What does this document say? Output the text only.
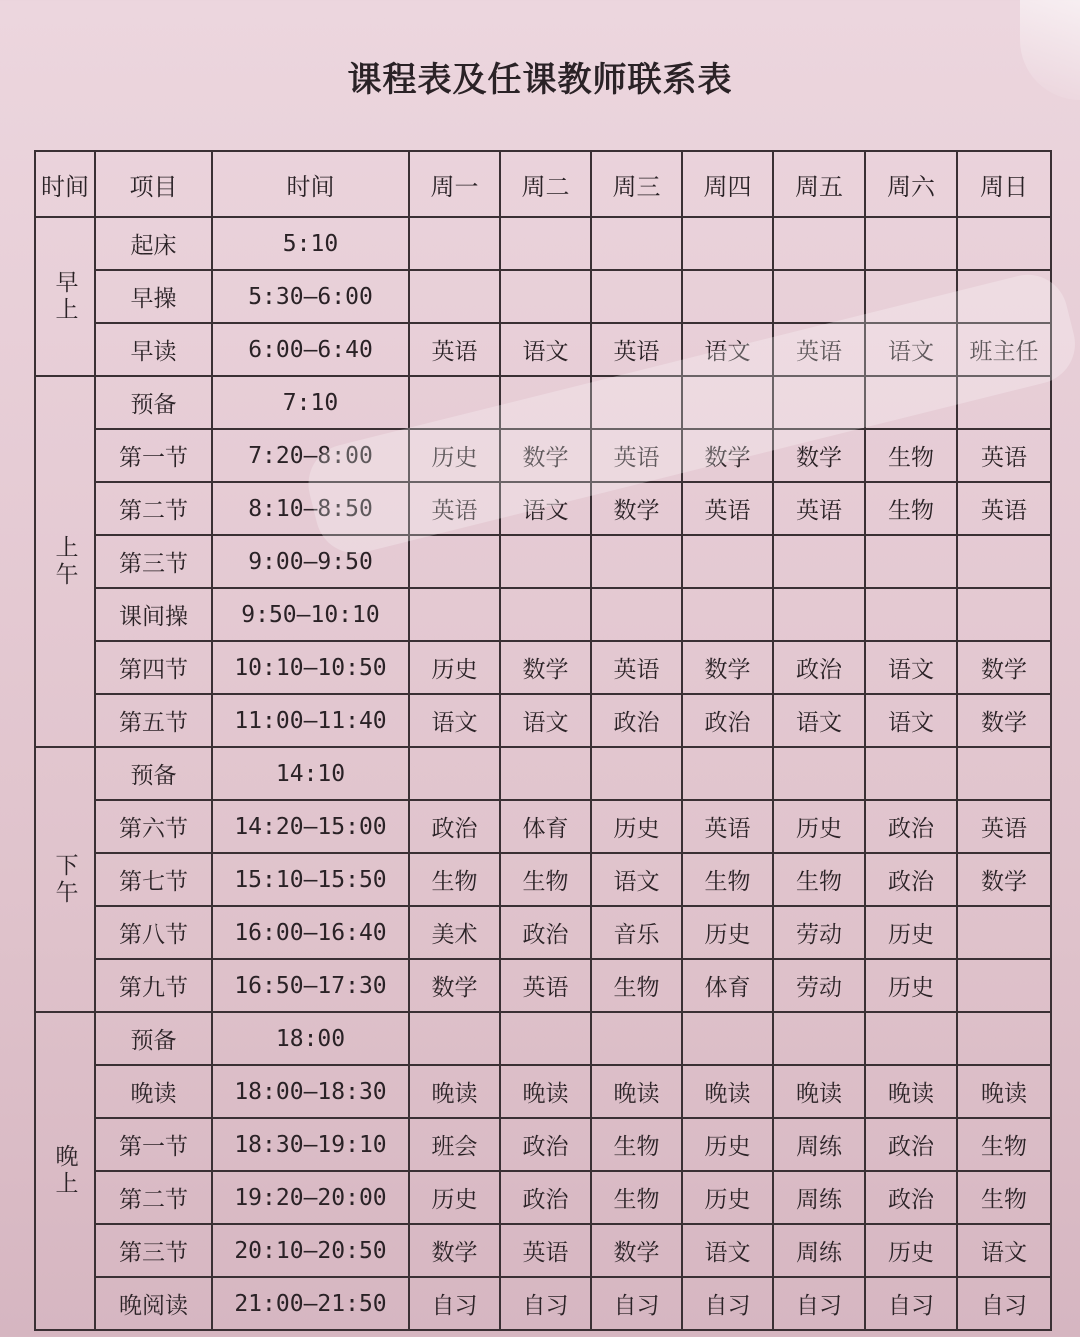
课程表及任课教师联系表
时间	项目	时间	周一	周二	周三	周四	周五	周六	周日
早上	起床	5:10							
	早操	5:30—6:00							
	早读	6:00—6:40	英语	语文	英语	语文	英语	语文	班主任
上午	预备	7:10							
	第一节	7:20—8:00	历史	数学	英语	数学	数学	生物	英语
	第二节	8:10—8:50	英语	语文	数学	英语	英语	生物	英语
	第三节	9:00—9:50							
	课间操	9:50—10:10							
	第四节	10:10—10:50	历史	数学	英语	数学	政治	语文	数学
	第五节	11:00—11:40	语文	语文	政治	政治	语文	语文	数学
下午	预备	14:10							
	第六节	14:20—15:00	政治	体育	历史	英语	历史	政治	英语
	第七节	15:10—15:50	生物	生物	语文	生物	生物	政治	数学
	第八节	16:00—16:40	美术	政治	音乐	历史	劳动	历史	
	第九节	16:50—17:30	数学	英语	生物	体育	劳动	历史	
晚上	预备	18:00							
	晚读	18:00—18:30	晚读	晚读	晚读	晚读	晚读	晚读	晚读
	第一节	18:30—19:10	班会	政治	生物	历史	周练	政治	生物
	第二节	19:20—20:00	历史	政治	生物	历史	周练	政治	生物
	第三节	20:10—20:50	数学	英语	数学	语文	周练	历史	语文
	晚阅读	21:00—21:50	自习	自习	自习	自习	自习	自习	自习
